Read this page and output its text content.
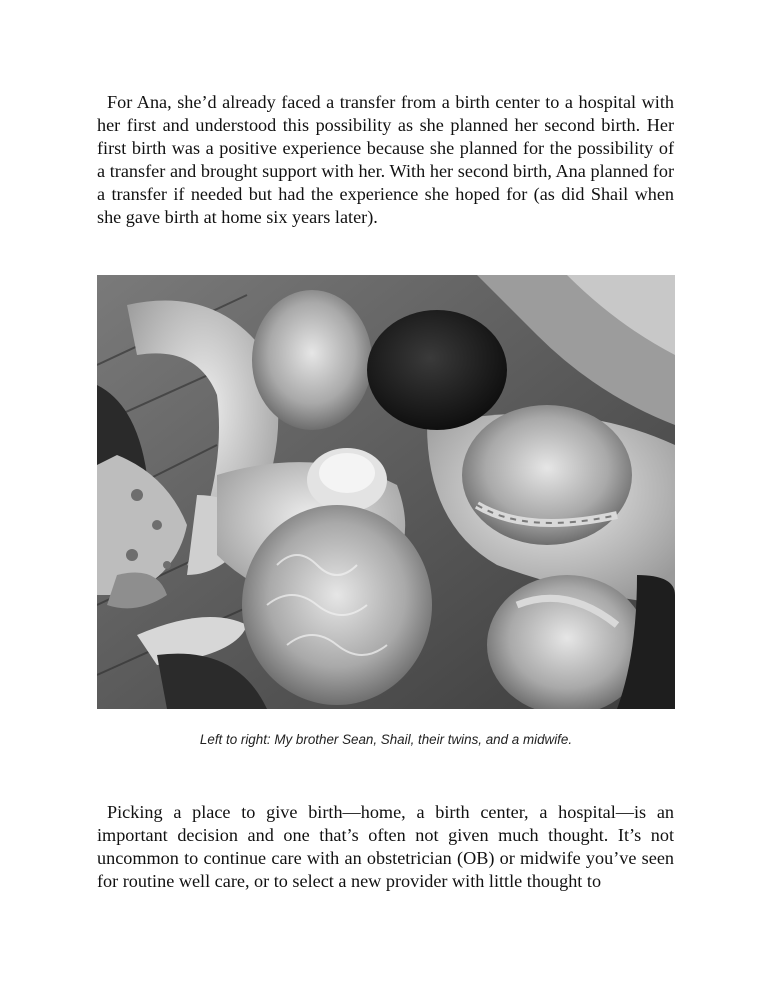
For Ana, she’d already faced a transfer from a birth center to a hospital with her first and understood this possibility as she planned her second birth. Her first birth was a positive experience because she planned for the possibility of a transfer and brought support with her. With her second birth, Ana planned for a transfer if needed but had the experience she hoped for (as did Shail when she gave birth at home six years later).

Left to right: My brother Sean, Shail, their twins, and a midwife.

Picking a place to give birth—home, a birth center, a hospital—is an important decision and one that’s often not given much thought. It’s not uncommon to continue care with an obstetrician (OB) or midwife you’ve seen for routine well care, or to select a new provider with little thought to
